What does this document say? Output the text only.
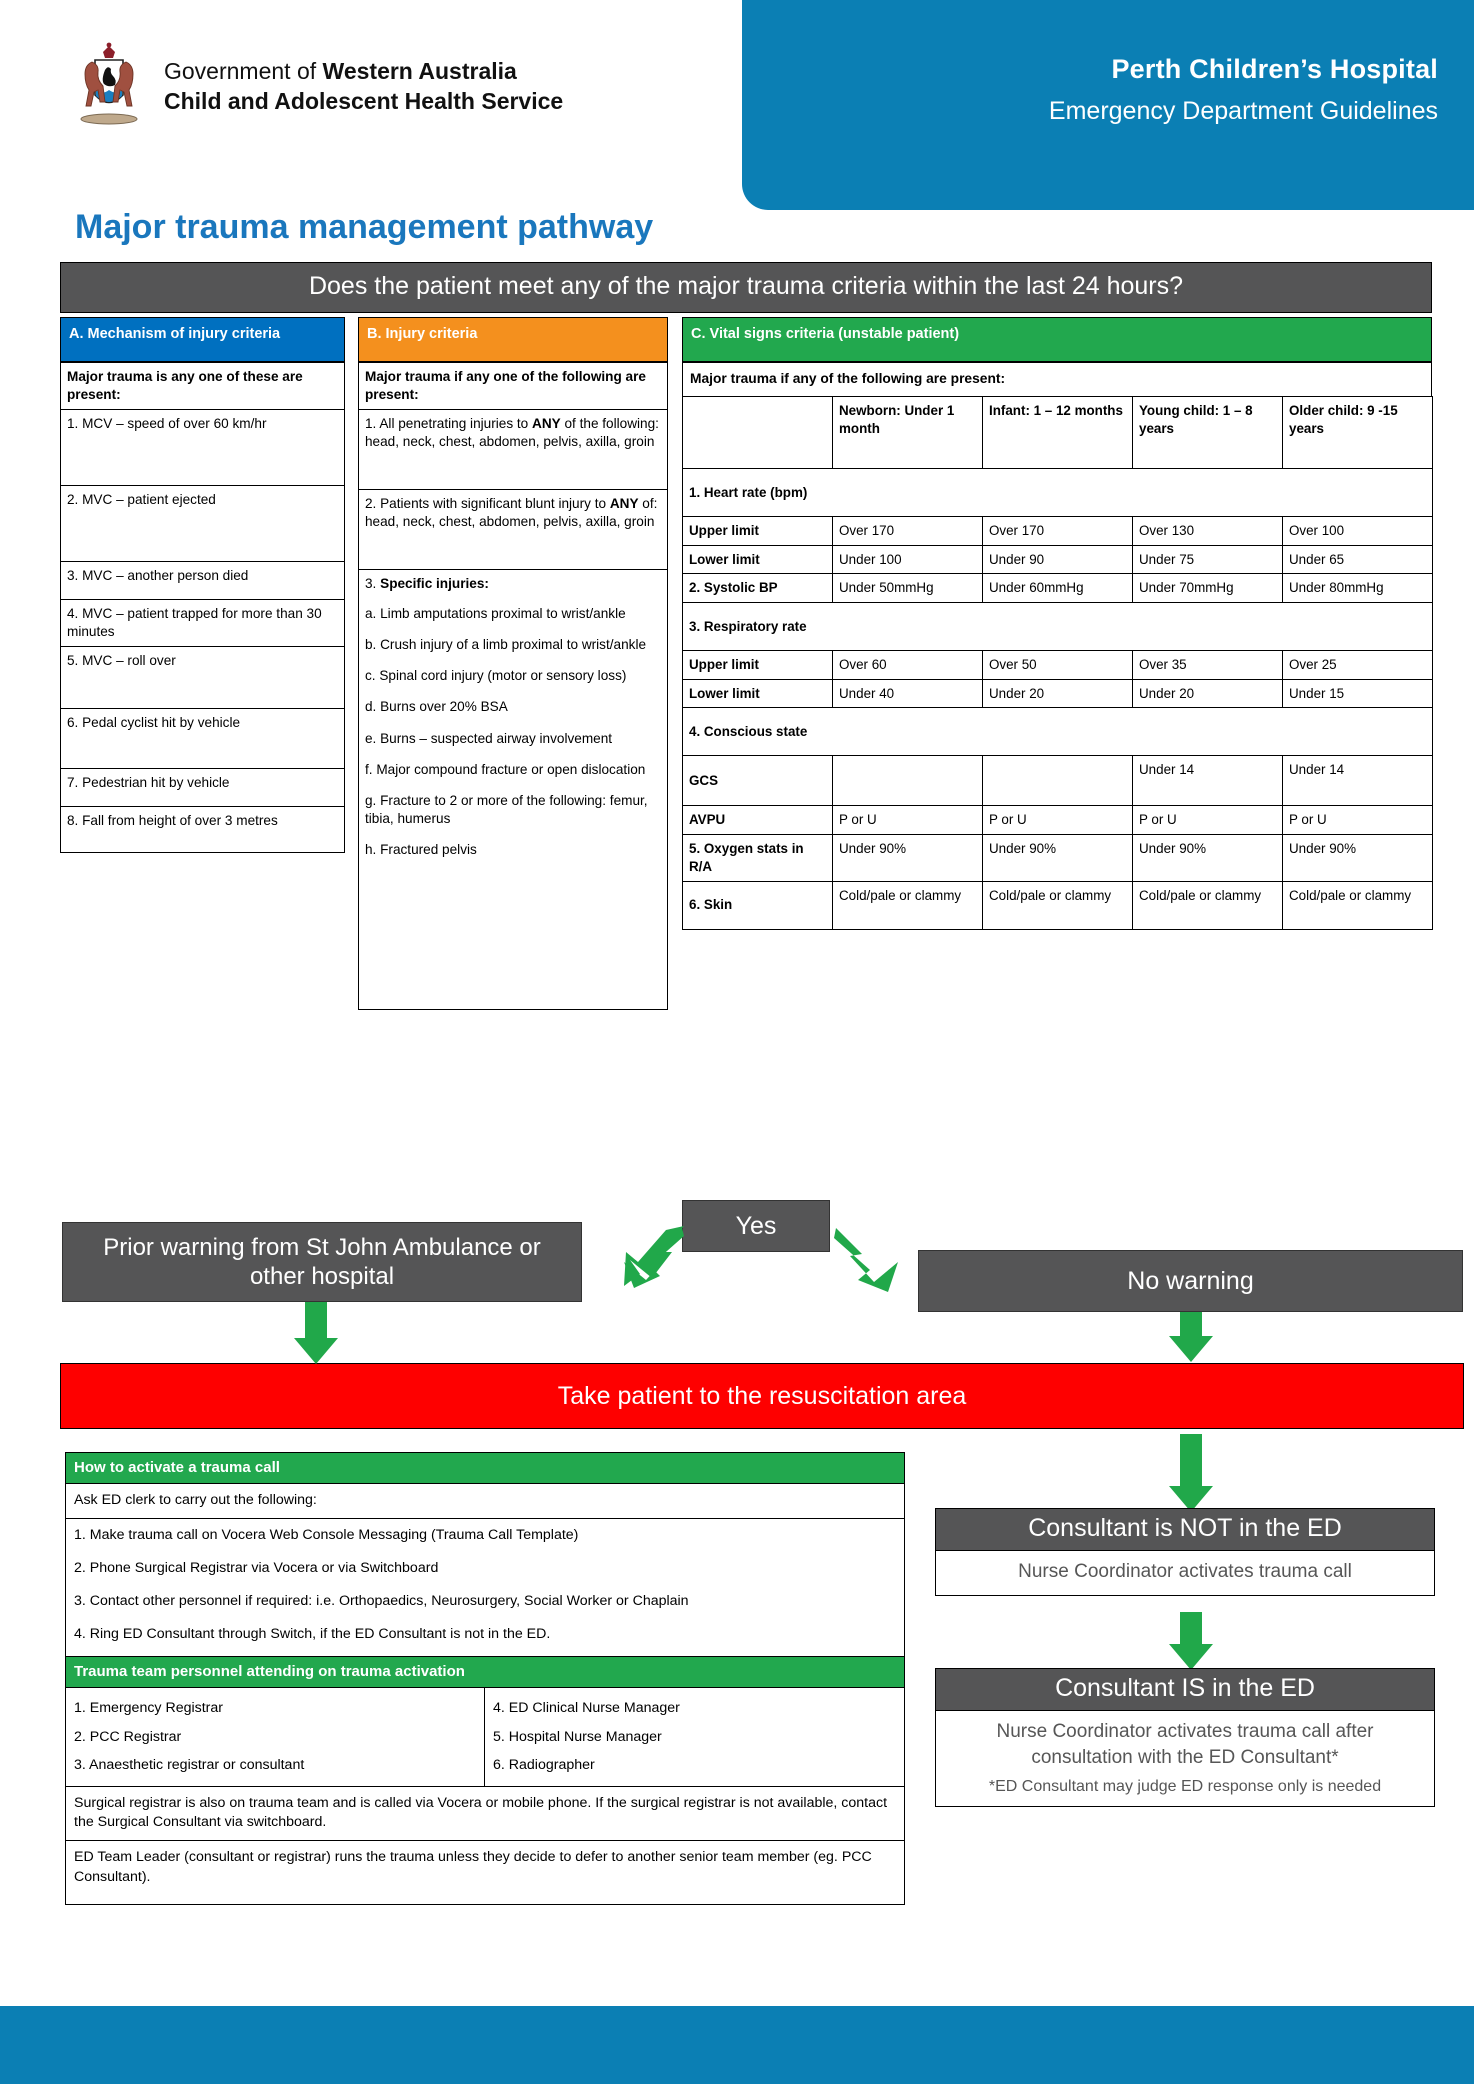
Perth Children’s Hospital
Emergency Department Guidelines
Government of Western Australia
Child and Adolescent Health Service
Major trauma management pathway
Does the patient meet any of the major trauma criteria within the last 24 hours?
A. Mechanism of injury criteria
Major trauma is any one of these are present:
1. MCV – speed of over 60 km/hr
2. MVC – patient ejected
3. MVC – another person died
4. MVC – patient trapped for more than 30 minutes
5. MVC – roll over
6. Pedal cyclist hit by vehicle
7. Pedestrian hit by vehicle
8. Fall from height of over 3 metres
B. Injury criteria
Major trauma if any one of the following are present:
1. All penetrating injuries to ANY of the following: head, neck, chest, abdomen, pelvis, axilla, groin
2. Patients with significant blunt injury to ANY of: head, neck, chest, abdomen, pelvis, axilla, groin

3. Specific injuries:
a. Limb amputations proximal to wrist/ankle
b. Crush injury of a limb proximal to wrist/ankle
c. Spinal cord injury (motor or sensory loss)
d. Burns over 20% BSA
e. Burns – suspected airway involvement
f. Major compound fracture or open dislocation
g. Fracture to 2 or more of the following: femur, tibia, humerus
h. Fractured pelvis
C. Vital signs criteria (unstable patient)
Major trauma if any of the following are present:
	Newborn: Under 1 month	Infant: 1 – 12 months	Young child: 1 – 8 years	Older child: 9 -15 years
1. Heart rate (bpm)				
Upper limit	Over 170	Over 170	Over 130	Over 100
Lower limit	Under 100	Under 90	Under 75	Under 65
2. Systolic BP	Under 50mmHg	Under 60mmHg	Under 70mmHg	Under 80mmHg
3. Respiratory rate				
Upper limit	Over 60	Over 50	Over 35	Over 25
Lower limit	Under 40	Under 20	Under 20	Under 15
4. Conscious state				
GCS			Under 14	Under 14
AVPU	P or U	P or U	P or U	P or U
5. Oxygen stats in R/A	Under 90%	Under 90%	Under 90%	Under 90%
6. Skin	Cold/pale or clammy	Cold/pale or clammy	Cold/pale or clammy	Cold/pale or clammy
Prior warning from St John Ambulance or other hospital
Yes
No warning
Take patient to the resuscitation area
How to activate a trauma call
Ask ED clerk to carry out the following:
1. Make trauma call on Vocera Web Console Messaging (Trauma Call Template)
2. Phone Surgical Registrar via Vocera or via Switchboard
3. Contact other personnel if required: i.e. Orthopaedics, Neurosurgery, Social Worker or Chaplain
4. Ring ED Consultant through Switch, if the ED Consultant is not in the ED.
Trauma team personnel attending on trauma activation
1. Emergency Registrar
2. PCC Registrar
3. Anaesthetic registrar or consultant
4. ED Clinical Nurse Manager
5. Hospital Nurse Manager
6. Radiographer
Surgical registrar is also on trauma team and is called via Vocera or mobile phone. If the surgical registrar is not available, contact the Surgical Consultant via switchboard.
ED Team Leader (consultant or registrar) runs the trauma unless they decide to defer to another senior team member (eg. PCC Consultant).
Consultant is NOT in the ED
Nurse Coordinator activates trauma call
Consultant IS in the ED
Nurse Coordinator activates trauma call after consultation with the ED Consultant*
*ED Consultant may judge ED response only is needed
